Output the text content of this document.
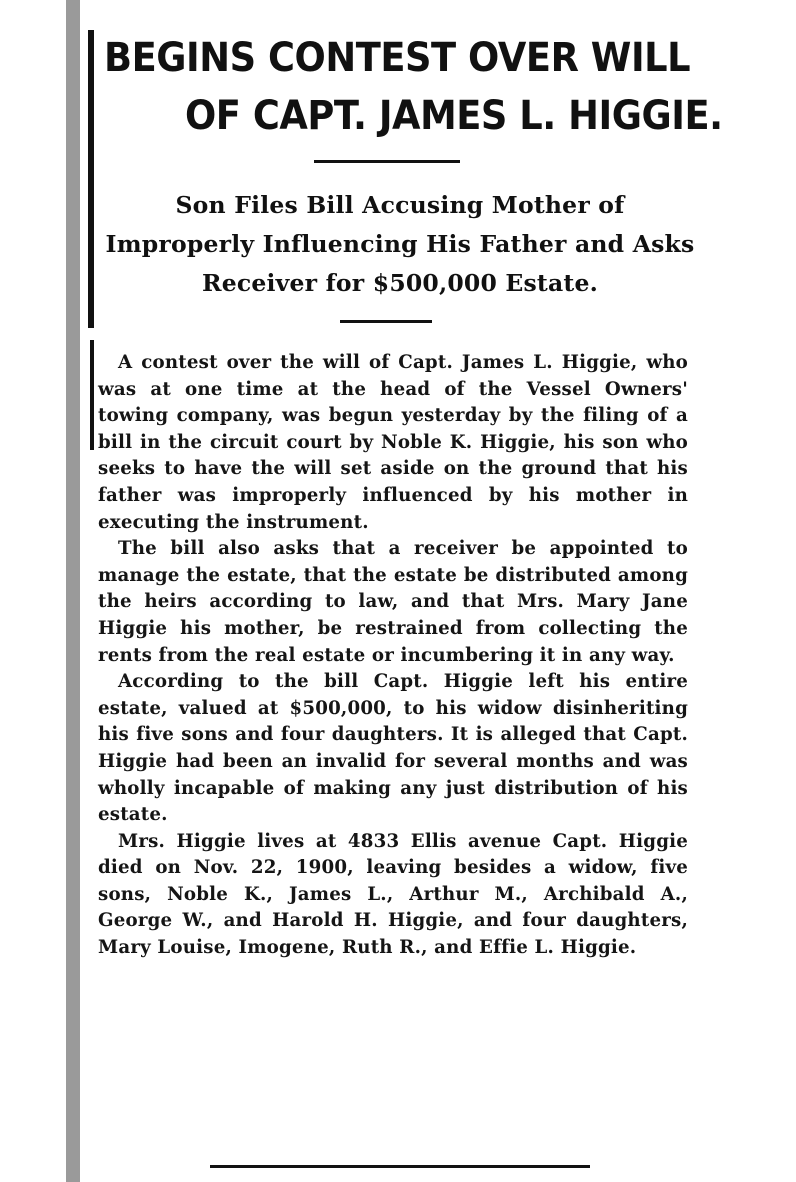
BEGINS CONTEST OVER WILL
OF CAPT. JAMES L. HIGGIE.
Son Files Bill Accusing Mother of Improperly Influencing His Father and Asks Receiver for $500,000 Estate.

A contest over the will of Capt. James L. Higgie, who was at one time at the head of the Vessel Owners' towing company, was begun yesterday by the filing of a bill in the circuit court by Noble K. Higgie, his son who seeks to have the will set aside on the ground that his father was improperly influenced by his mother in executing the instrument.

The bill also asks that a receiver be appointed to manage the estate, that the estate be distributed among the heirs according to law, and that Mrs. Mary Jane Higgie his mother, be restrained from collecting the rents from the real estate or incumbering it in any way.

According to the bill Capt. Higgie left his entire estate, valued at $500,000, to his widow disinheriting his five sons and four daughters. It is alleged that Capt. Higgie had been an invalid for several months and was wholly incapable of making any just distribution of his estate.

Mrs. Higgie lives at 4833 Ellis avenue Capt. Higgie died on Nov. 22, 1900, leaving besides a widow, five sons, Noble K., James L., Arthur M., Archibald A., George W., and Harold H. Higgie, and four daughters, Mary Louise, Imogene, Ruth R., and Effie L. Higgie.
